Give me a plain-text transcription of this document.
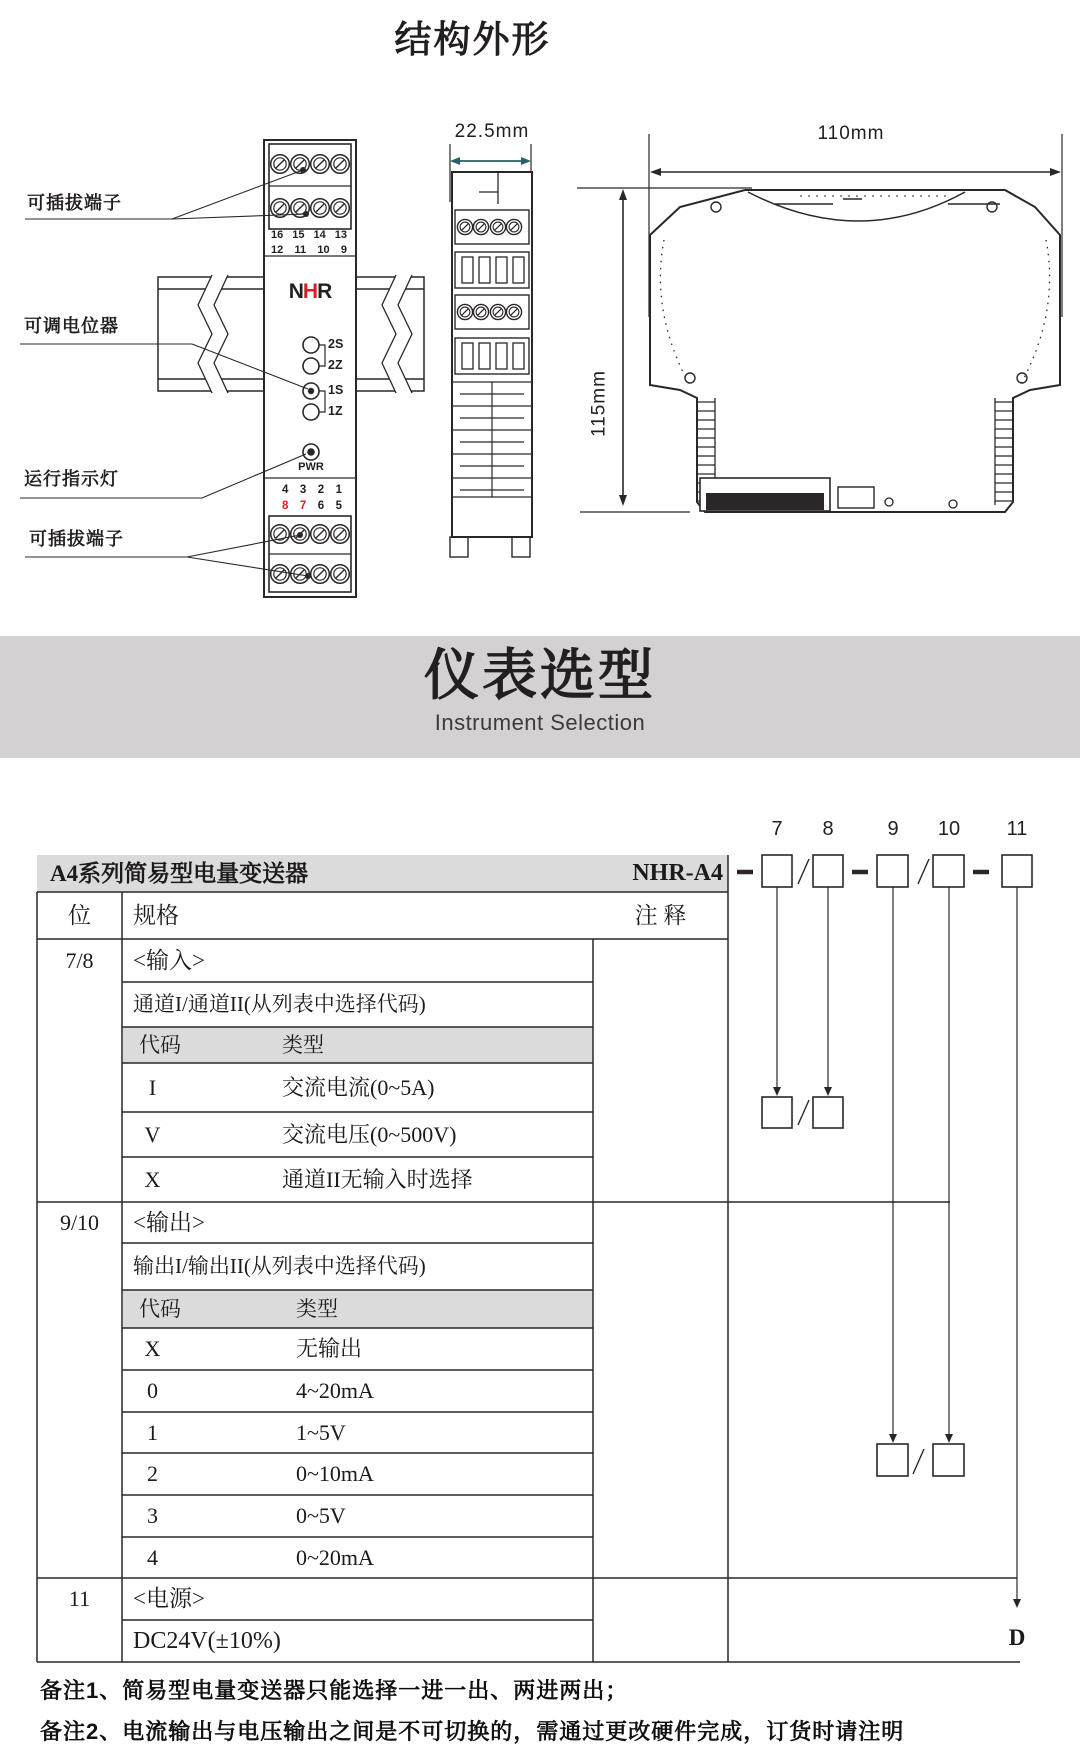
结构外形
可插拔端子
可调电位器
运行指示灯
可插拔端子
16 15 14 13
12 11 10 9
NHR
2S
2Z
1S
1Z
PWR
4 3 2 1
8 7 6 5
22.5mm	110mm
115mm
仪表选型
Instrument Selection
7	8	9	10 11
A4系列简易型电量变送器	NHR-A4
位	规格	注 释
7/8	<输入>
通道I/通道II(从列表中选择代码)
代码	类型
I	交流电流(0~5A)
V	交流电压(0~500V)
X	通道II无输入时选择
9/10	<输出>
输出I/输出II(从列表中选择代码)
代码	类型
X	无输出
0	4~20mA
1	1~5V
2	0~10mA
3	0~5V
4	0~20mA
11	<电源>
DC24V(±10%)	D
备注1、简易型电量变送器只能选择一进一出、两进两出；
备注2、电流输出与电压输出之间是不可切换的，需通过更改硬件完成，订货时请注明
